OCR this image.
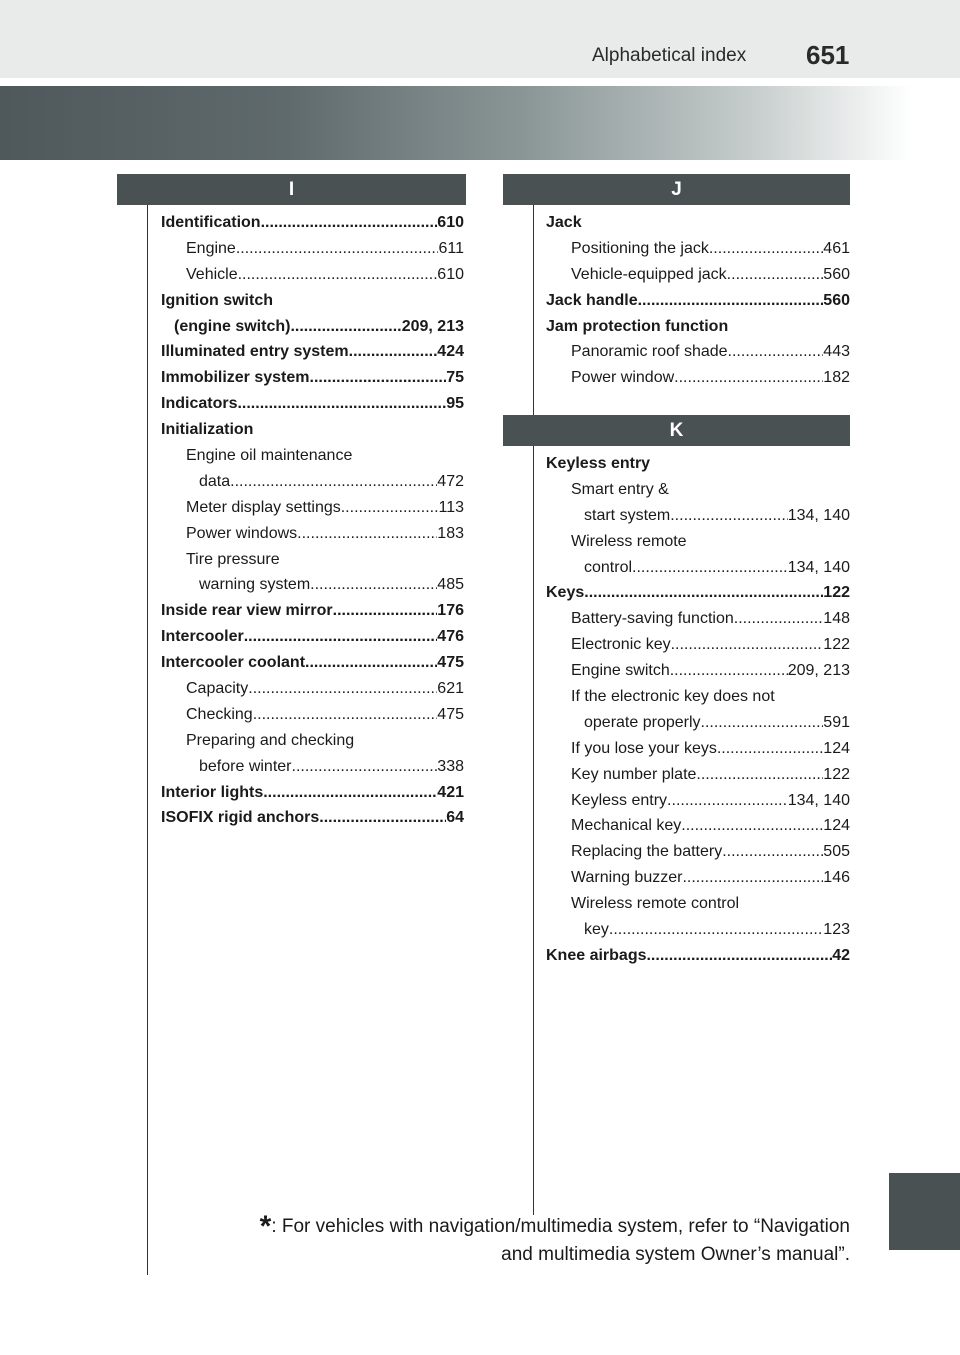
Alphabetical index 651
I	J
K
Identification .....	610
Engine .....	611
Vehicle .....	610
Ignition switch
(engine switch) .....	209, 213
Illuminated entry system .....	424
Immobilizer system .....	75
Indicators .....	95
Initialization
Engine oil maintenance
data .....	472
Meter display settings .....	113
Power windows .....	183
Tire pressure
warning system .....	485
Inside rear view mirror .....	176
Intercooler .....	476
Intercooler coolant .....	475
Capacity .....	621
Checking .....	475
Preparing and checking
before winter .....	338
Interior lights .....	421
ISOFIX rigid anchors .....	64
Jack
Positioning the jack .....	461
Vehicle-equipped jack .....	560
Jack handle .....	560
Jam protection function
Panoramic roof shade .....	443
Power window .....	182
Keyless entry
Smart entry &
start system .....	134, 140
Wireless remote
control .....	134, 140
Keys .....	122
Battery-saving function .....	148
Electronic key .....	122
Engine switch .....	209, 213
If the electronic key does not
operate properly .....	591
If you lose your keys .....	124
Key number plate .....	122
Keyless entry .....	134, 140
Mechanical key .....	124
Replacing the battery .....	505
Warning buzzer .....	146
Wireless remote control
key .....	123
Knee airbags .....	42
*: For vehicles with navigation/multimedia system, refer to “Navigation
and multimedia system Owner’s manual”.
